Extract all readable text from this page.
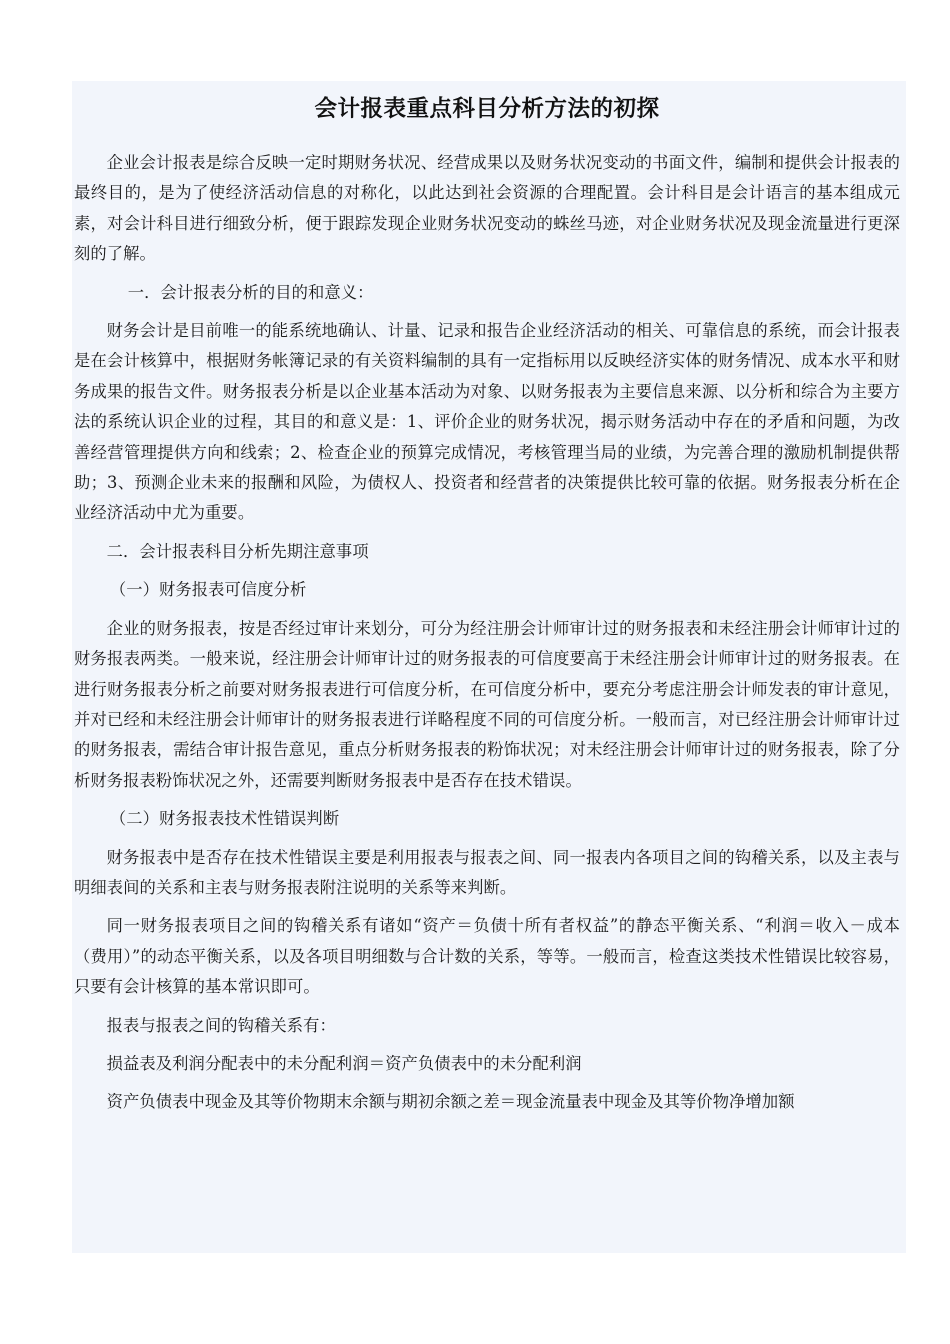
会计报表重点科目分析方法的初探

企业会计报表是综合反映一定时期财务状况、经营成果以及财务状况变动的书面文件，编制和提供会计报表的最终目的，是为了使经济活动信息的对称化，以此达到社会资源的合理配置。会计科目是会计语言的基本组成元素，对会计科目进行细致分析，便于跟踪发现企业财务状况变动的蛛丝马迹，对企业财务状况及现金流量进行更深刻的了解。

一．会计报表分析的目的和意义：

财务会计是目前唯一的能系统地确认、计量、记录和报告企业经济活动的相关、可靠信息的系统，而会计报表是在会计核算中，根据财务帐簿记录的有关资料编制的具有一定指标用以反映经济实体的财务情况、成本水平和财务成果的报告文件。财务报表分析是以企业基本活动为对象、以财务报表为主要信息来源、以分析和综合为主要方法的系统认识企业的过程，其目的和意义是：1、评价企业的财务状况，揭示财务活动中存在的矛盾和问题，为改善经营管理提供方向和线索；2、检查企业的预算完成情况，考核管理当局的业绩，为完善合理的激励机制提供帮助；3、预测企业未来的报酬和风险，为债权人、投资者和经营者的决策提供比较可靠的依据。财务报表分析在企业经济活动中尤为重要。

二．会计报表科目分析先期注意事项

（一）财务报表可信度分析

企业的财务报表，按是否经过审计来划分，可分为经注册会计师审计过的财务报表和未经注册会计师审计过的财务报表两类。一般来说，经注册会计师审计过的财务报表的可信度要高于未经注册会计师审计过的财务报表。在进行财务报表分析之前要对财务报表进行可信度分析，在可信度分析中，要充分考虑注册会计师发表的审计意见，并对已经和未经注册会计师审计的财务报表进行详略程度不同的可信度分析。一般而言，对已经注册会计师审计过的财务报表，需结合审计报告意见，重点分析财务报表的粉饰状况；对未经注册会计师审计过的财务报表，除了分析财务报表粉饰状况之外，还需要判断财务报表中是否存在技术错误。

（二）财务报表技术性错误判断

财务报表中是否存在技术性错误主要是利用报表与报表之间、同一报表内各项目之间的钩稽关系，以及主表与明细表间的关系和主表与财务报表附注说明的关系等来判断。

同一财务报表项目之间的钩稽关系有诸如“资产＝负债十所有者权益”的静态平衡关系、“利润＝收入－成本（费用）”的动态平衡关系，以及各项目明细数与合计数的关系，等等。一般而言，检查这类技术性错误比较容易，只要有会计核算的基本常识即可。

报表与报表之间的钩稽关系有：

损益表及利润分配表中的未分配利润＝资产负债表中的未分配利润

资产负债表中现金及其等价物期末余额与期初余额之差＝现金流量表中现金及其等价物净增加额
